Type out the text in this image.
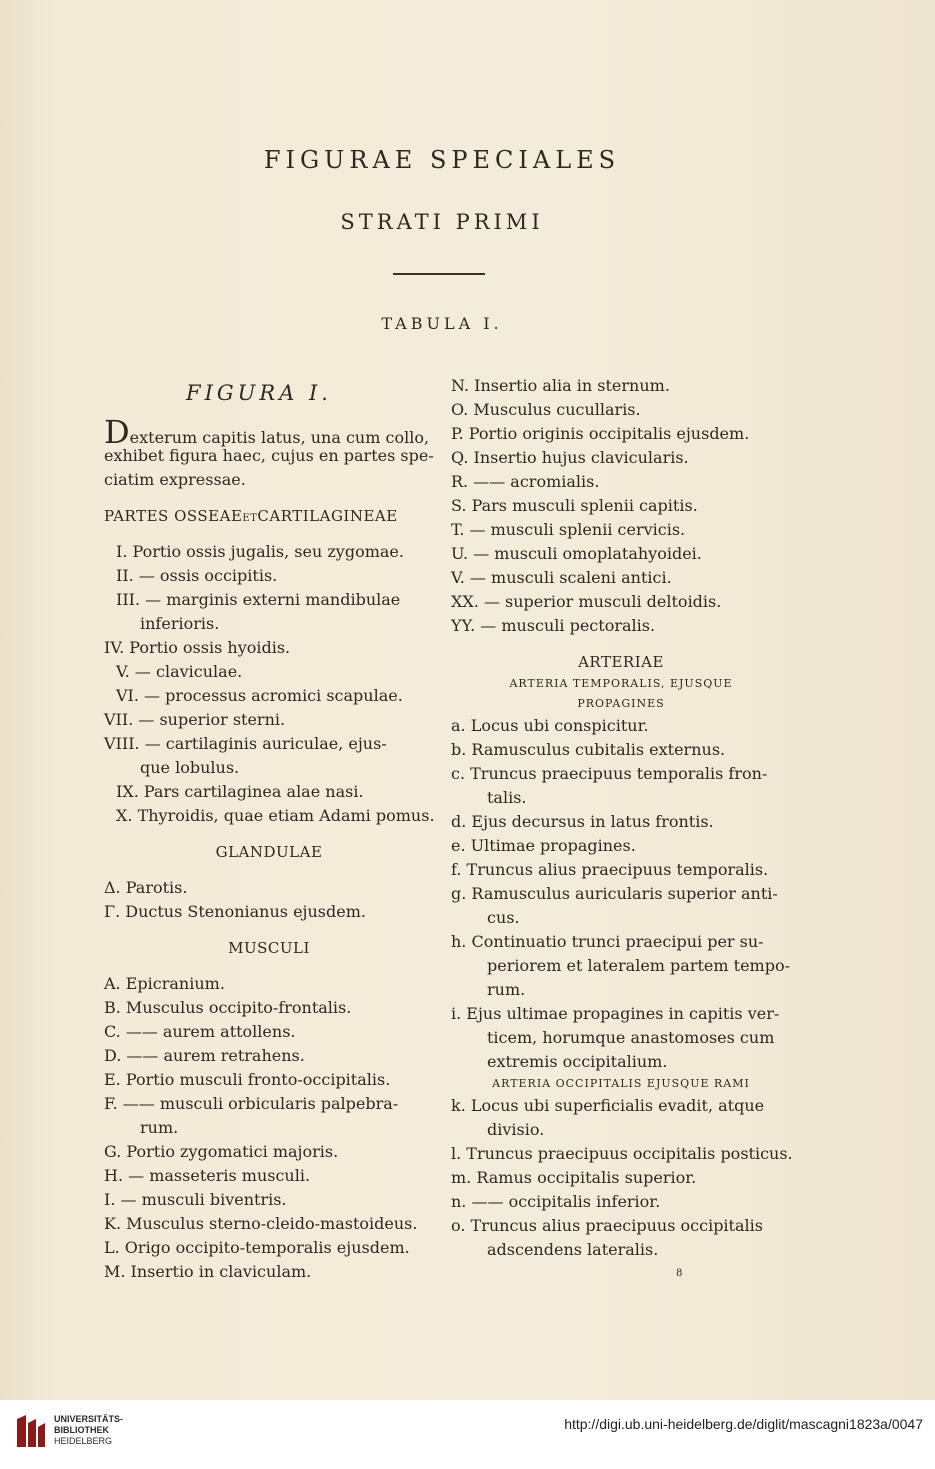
FIGURAE SPECIALES
STRATI PRIMI
TABULA I.
FIGURA I.
Dexterum capitis latus, una cum collo,
exhibet figura haec, cujus en partes spe-
ciatim expressae.
PARTES OSSEAEETCARTILAGINEAE
I. Portio ossis jugalis, seu zygomae.
II. — ossis occipitis.
III. — marginis externi mandibulae
inferioris.
IV. Portio ossis hyoidis.
V. — claviculae.
VI. — processus acromici scapulae.
VII. — superior sterni.
VIII. — cartilaginis auriculae, ejus-
que lobulus.
IX. Pars cartilaginea alae nasi.
X. Thyroidis, quae etiam Adami pomus.
GLANDULAE
Δ. Parotis.
Γ. Ductus Stenonianus ejusdem.
MUSCULI
A. Epicranium.
B. Musculus occipito-frontalis.
C. —— aurem attollens.
D. —— aurem retrahens.
E. Portio musculi fronto-occipitalis.
F. —— musculi orbicularis palpebra-
rum.
G. Portio zygomatici majoris.
H. — masseteris musculi.
I. — musculi biventris.
K. Musculus sterno-cleido-mastoideus.
L. Origo occipito-temporalis ejusdem.
M. Insertio in claviculam.
N. Insertio alia in sternum.
O. Musculus cucullaris.
P. Portio originis occipitalis ejusdem.
Q. Insertio hujus clavicularis.
R. —— acromialis.
S. Pars musculi splenii capitis.
T. — musculi splenii cervicis.
U. — musculi omoplatahyoidei.
V. — musculi scaleni antici.
XX. — superior musculi deltoidis.
YY. — musculi pectoralis.
ARTERIAE
ARTERIA TEMPORALIS, EJUSQUE
PROPAGINES
a. Locus ubi conspicitur.
b. Ramusculus cubitalis externus.
c. Truncus praecipuus temporalis fron-
talis.
d. Ejus decursus in latus frontis.
e. Ultimae propagines.
f. Truncus alius praecipuus temporalis.
g. Ramusculus auricularis superior anti-
cus.
h. Continuatio trunci praecipui per su-
periorem et lateralem partem tempo-
rum.
i. Ejus ultimae propagines in capitis ver-
ticem, horumque anastomoses cum
extremis occipitalium.
ARTERIA OCCIPITALIS EJUSQUE RAMI
k. Locus ubi superficialis evadit, atque
divisio.
l. Truncus praecipuus occipitalis posticus.
m. Ramus occipitalis superior.
n. —— occipitalis inferior.
o. Truncus alius praecipuus occipitalis
adscendens lateralis.
8
UNIVERSITÄTS-
BIBLIOTHEK
HEIDELBERG
http://digi.ub.uni-heidelberg.de/diglit/mascagni1823a/0047
